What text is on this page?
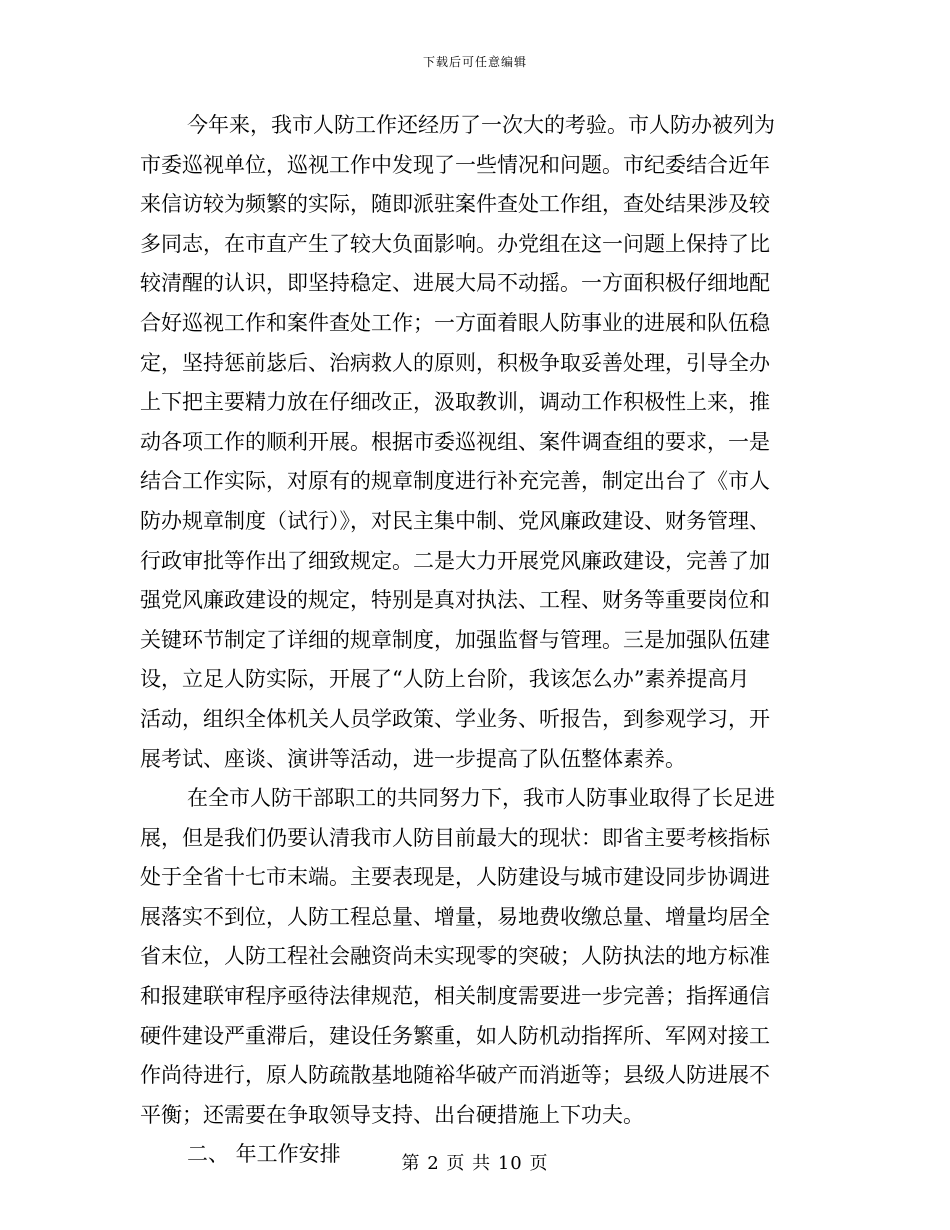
下载后可任意编辑
今年来，我市人防工作还经历了一次大的考验。市人防办被列为
市委巡视单位，巡视工作中发现了一些情况和问题。市纪委结合近年
来信访较为频繁的实际，随即派驻案件查处工作组，查处结果涉及较
多同志，在市直产生了较大负面影响。办党组在这一问题上保持了比
较清醒的认识，即坚持稳定、进展大局不动摇。一方面积极仔细地配
合好巡视工作和案件查处工作；一方面着眼人防事业的进展和队伍稳
定，坚持惩前毖后、治病救人的原则，积极争取妥善处理，引导全办
上下把主要精力放在仔细改正，汲取教训，调动工作积极性上来，推
动各项工作的顺利开展。根据市委巡视组、案件调查组的要求，一是
结合工作实际，对原有的规章制度进行补充完善，制定出台了《市人
防办规章制度（试行）》，对民主集中制、党风廉政建设、财务管理、
行政审批等作出了细致规定。二是大力开展党风廉政建设，完善了加
强党风廉政建设的规定，特别是真对执法、工程、财务等重要岗位和
关键环节制定了详细的规章制度，加强监督与管理。三是加强队伍建
设，立足人防实际，开展了“人防上台阶，我该怎么办”素养提高月
活动，组织全体机关人员学政策、学业务、听报告，到参观学习，开
展考试、座谈、演讲等活动，进一步提高了队伍整体素养。
在全市人防干部职工的共同努力下，我市人防事业取得了长足进
展，但是我们仍要认清我市人防目前最大的现状：即省主要考核指标
处于全省十七市末端。主要表现是，人防建设与城市建设同步协调进
展落实不到位，人防工程总量、增量，易地费收缴总量、增量均居全
省末位，人防工程社会融资尚未实现零的突破；人防执法的地方标准
和报建联审程序亟待法律规范，相关制度需要进一步完善；指挥通信
硬件建设严重滞后，建设任务繁重，如人防机动指挥所、军网对接工
作尚待进行，原人防疏散基地随裕华破产而消逝等；县级人防进展不
平衡；还需要在争取领导支持、出台硬措施上下功夫。
二、 年工作安排	第 2 页 共 10 页
